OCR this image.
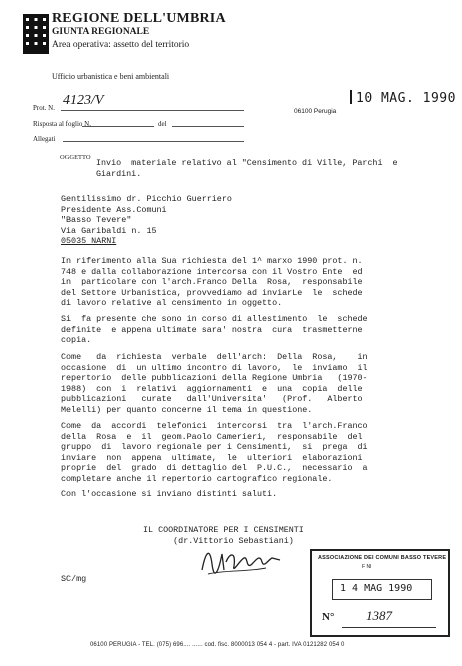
REGIONE DELL'UMBRIA
GIUNTA REGIONALE
Area operativa: assetto del territorio
Ufficio urbanistica e beni ambientali
10 MAG. 1990
Prot. N. 4123/V
06100 Perugia
Risposta al foglio N.	del
Allegati
OGGETTO
Invio  materiale relativo al "Censimento di Ville, Parchi  e
Giardini.
Gentilissimo dr. Picchio Guerriero
Presidente Ass.Comuni
"Basso Tevere"
Via Garibaldi n. 15
05035 NARNI
In riferimento alla Sua richiesta del 1^ marxo 1990 prot. n.
748 e dalla collaborazione intercorsa con il Vostro Ente  ed
in  particolare con l'arch.Franco Della  Rosa,  responsabile
del Settore Urbanistica, provvediamo ad inviarLe  le  schede
di lavoro relative al censimento in oggetto.
Si  fa presente che sono in corso di allestimento  le  schede
definite  e appena ultimate sara' nostra  cura  trasmetterne
copia.
Come   da  richiesta  verbale  dell'arch:  Della  Rosa,    in
occasione  di  un ultimo incontro di lavoro,  le  inviamo  il
repertorio  delle pubblicazioni della Regione Umbria   (1970-
1988)  con  i  relativi  aggiornamenti  e  una  copia  delle
pubblicazioni   curate   dall'Universita'   (Prof.   Alberto
Melelli) per quanto concerne il tema in questione.
Come  da  accordi  telefonici  intercorsi  tra  l'arch.Franco
della  Rosa  e  il  geom.Paolo Camerieri,  responsabile  del
gruppo  di  lavoro regionale per i Censimenti,  si  prega  di
inviare  non  appena  ultimate,  le  ulteriori  elaborazioni
proprie  del  grado  di dettaglio del  P.U.C.,  necessario  a
completare anche il repertorio cartografico regionale.
Con l'occasione si inviano distinti saluti.
IL COORDINATORE PER I CENSIMENTI
(dr.Vittorio Sebastiani)
SC/mg
ASSOCIAZIONE DEI COMUNI BASSO TEVERE
F NI
1 4 MAG 1990
N° 1387
06100 PERUGIA - TEL. (075) 696.... ...... cod. fisc. 8000013 054 4 - part. IVA 0121282 054 0
